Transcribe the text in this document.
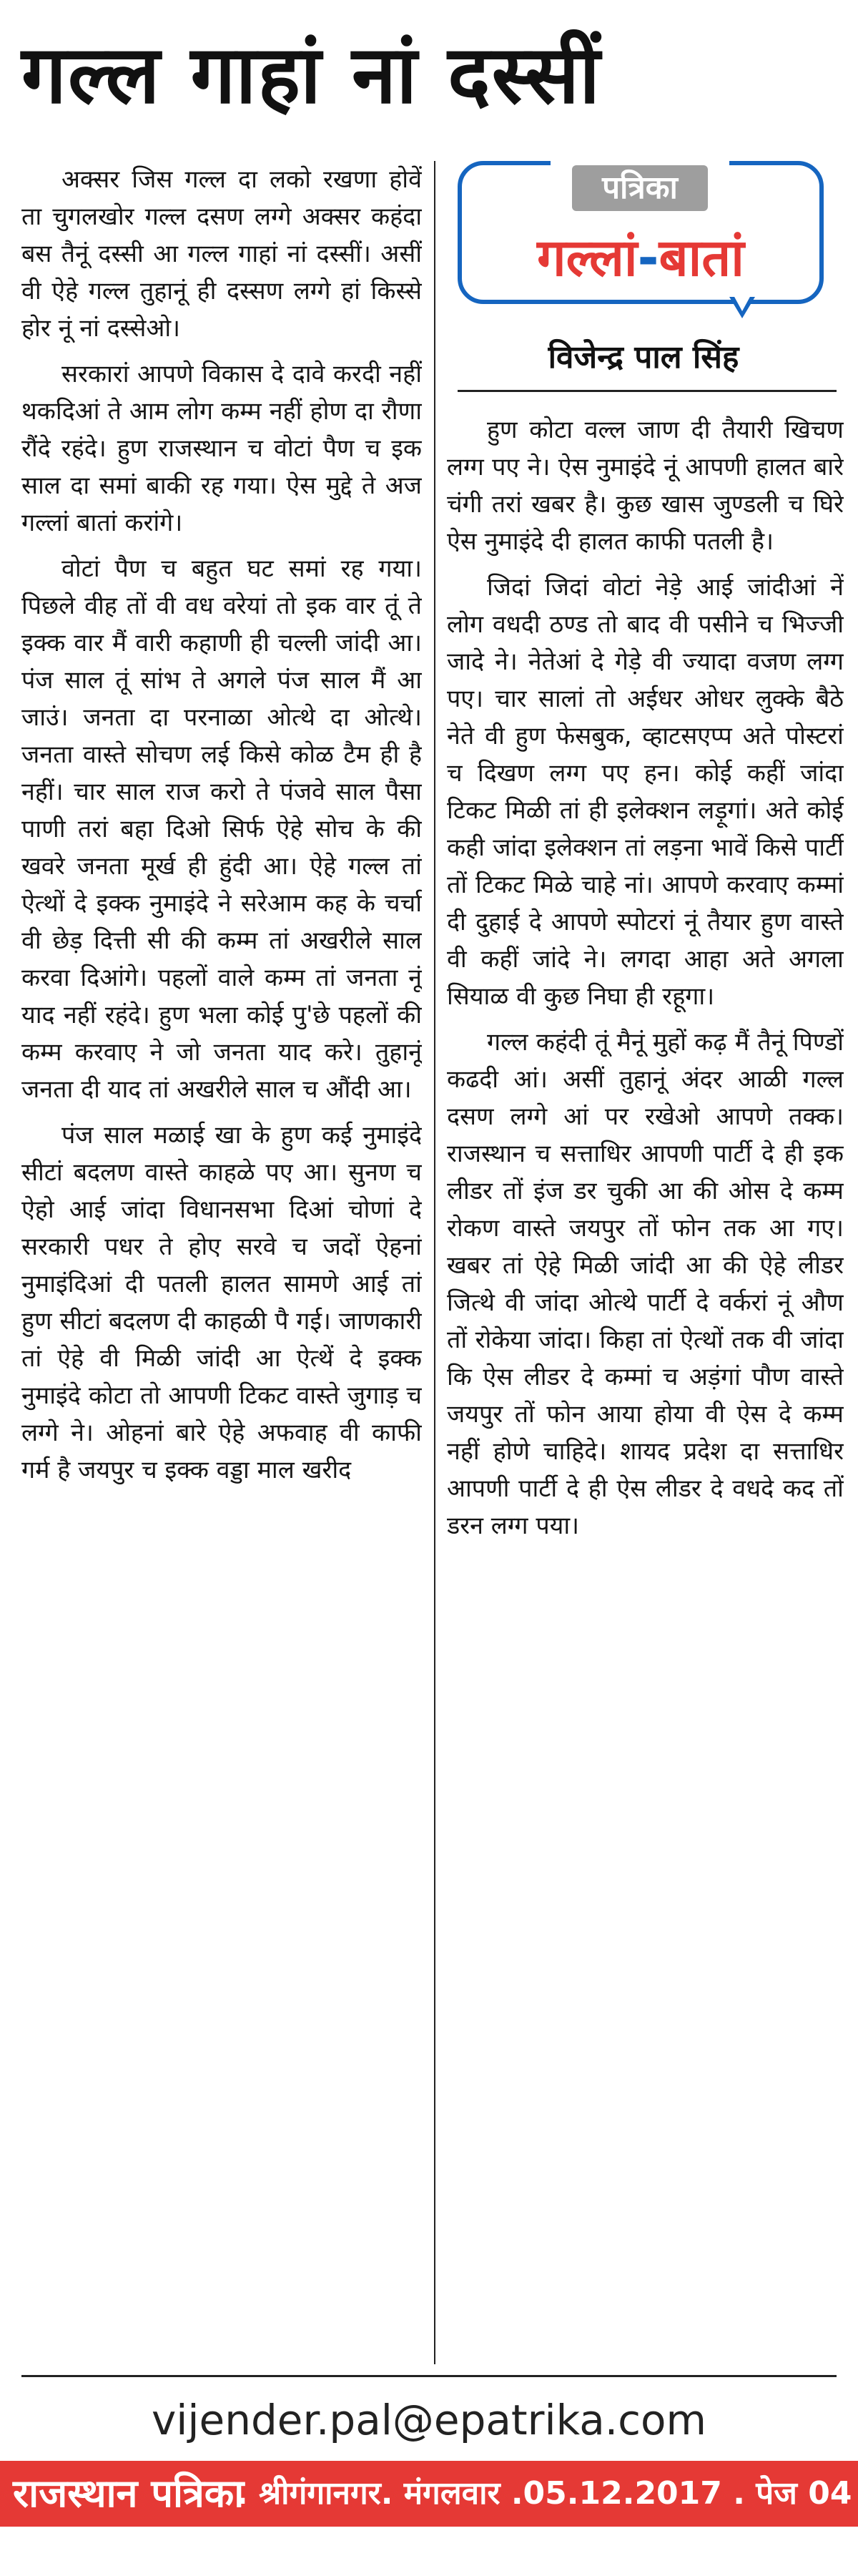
गल्ल गाहां नां दस्सीं

अक्सर जिस गल्ल दा लको रखणा होवें ता चुगलखोर गल्ल दसण लग्गे अक्सर कहंदा बस तैनूं दस्सी आ गल्ल गाहां नां दस्सीं। असीं वी ऐहे गल्ल तुहानूं ही दस्सण लग्गे हां किस्से होर नूं नां दस्सेओ।

सरकारां आपणे विकास दे दावे करदी नहीं थकदिआं ते आम लोग कम्म नहीं होण दा रौणा रौंदे रहंदे। हुण राजस्थान च वोटां पैण च इक साल दा समां बाकी रह गया। ऐस मुद्दे ते अज गल्लां बातां करांगे।

वोटां पैण च बहुत घट समां रह गया। पिछले वीह तों वी वध वरेयां तो इक वार तूं ते इक्क वार मैं वारी कहाणी ही चल्ली जांदी आ। पंज साल तूं सांभ ते अगले पंज साल मैं आ जाउं। जनता दा परनाळा ओत्थे दा ओत्थे। जनता वास्ते सोचण लई किसे कोळ टैम ही है नहीं। चार साल राज करो ते पंजवे साल पैसा पाणी तरां बहा दिओ सिर्फ ऐहे सोच के की खवरे जनता मूर्ख ही हुंदी आ। ऐहे गल्ल तां ऐत्थों दे इक्क नुमाइंदे ने सरेआम कह के चर्चा वी छेड़ दित्ती सी की कम्म तां अखरीले साल करवा दिआंगे। पहलों वाले कम्म तां जनता नूं याद नहीं रहंदे। हुण भला कोई पु'छे पहलों की कम्म करवाए ने जो जनता याद करे। तुहानूं जनता दी याद तां अखरीले साल च औंदी आ।

पंज साल मळाई खा के हुण कई नुमाइंदे सीटां बदलण वास्ते काहळे पए आ। सुनण च ऐहो आई जांदा विधानसभा दिआं चोणां दे सरकारी पधर ते होए सरवे च जदों ऐहनां नुमाइंदिआं दी पतली हालत सामणे आई तां हुण सीटां बदलण दी काहळी पै गई। जाणकारी तां ऐहे वी मिळी जांदी आ ऐत्थें दे इक्क नुमाइंदे कोटा तो आपणी टिकट वास्ते जुगाड़ च लग्गे ने। ओहनां बारे ऐहे अफवाह वी काफी गर्म है जयपुर च इक्क वड्डा माल खरीद

पत्रिका
गल्लां-बातां
विजेन्द्र पाल सिंह

हुण कोटा वल्ल जाण दी तैयारी खिचण लग्ग पए ने। ऐस नुमाइंदे नूं आपणी हालत बारे चंगी तरां खबर है। कुछ खास जुण्डली च घिरे ऐस नुमाइंदे दी हालत काफी पतली है।

जिदां जिदां वोटां नेड़े आई जांदीआं नें लोग वधदी ठण्ड तो बाद वी पसीने च भिज्जी जादे ने। नेतेआं दे गेड़े वी ज्यादा वजण लग्ग पए। चार सालां तो अईधर ओधर लुक्के बैठे नेते वी हुण फेसबुक, व्हाटसएप्प अते पोस्टरां च दिखण लग्ग पए हन। कोई कहीं जांदा टिकट मिळी तां ही इलेक्शन लड़ूगां। अते कोई कही जांदा इलेक्शन तां लड़ना भावें किसे पार्टी तों टिकट मिळे चाहे नां। आपणे करवाए कम्मां दी दुहाई दे आपणे स्पोटरां नूं तैयार हुण वास्ते वी कहीं जांदे ने। लगदा आहा अते अगला सियाळ वी कुछ निघा ही रहूगा।

गल्ल कहंदी तूं मैनूं मुहों कढ़ मैं तैनूं पिण्डों कढदी आं। असीं तुहानूं अंदर आळी गल्ल दसण लग्गे आं पर रखेओ आपणे तक्क। राजस्थान च सत्ताधिर आपणी पार्टी दे ही इक लीडर तों इंज डर चुकी आ की ओस दे कम्म रोकण वास्ते जयपुर तों फोन तक आ गए। खबर तां ऐहे मिळी जांदी आ की ऐहे लीडर जित्थे वी जांदा ओत्थे पार्टी दे वर्करां नूं औण तों रोकेया जांदा। किहा तां ऐत्थों तक वी जांदा कि ऐस लीडर दे कम्मां च अड़ंगां पौण वास्ते जयपुर तों फोन आया होया वी ऐस दे कम्म नहीं होणे चाहिदे। शायद प्रदेश दा सत्ताधिर आपणी पार्टी दे ही ऐस लीडर दे वधदे कद तों डरन लग्ग पया।

vijender.pal@epatrika.com
राजस्थान पत्रिका
. श्रीगंगानगर. मंगलवार .05.12.2017 . पेज 04
